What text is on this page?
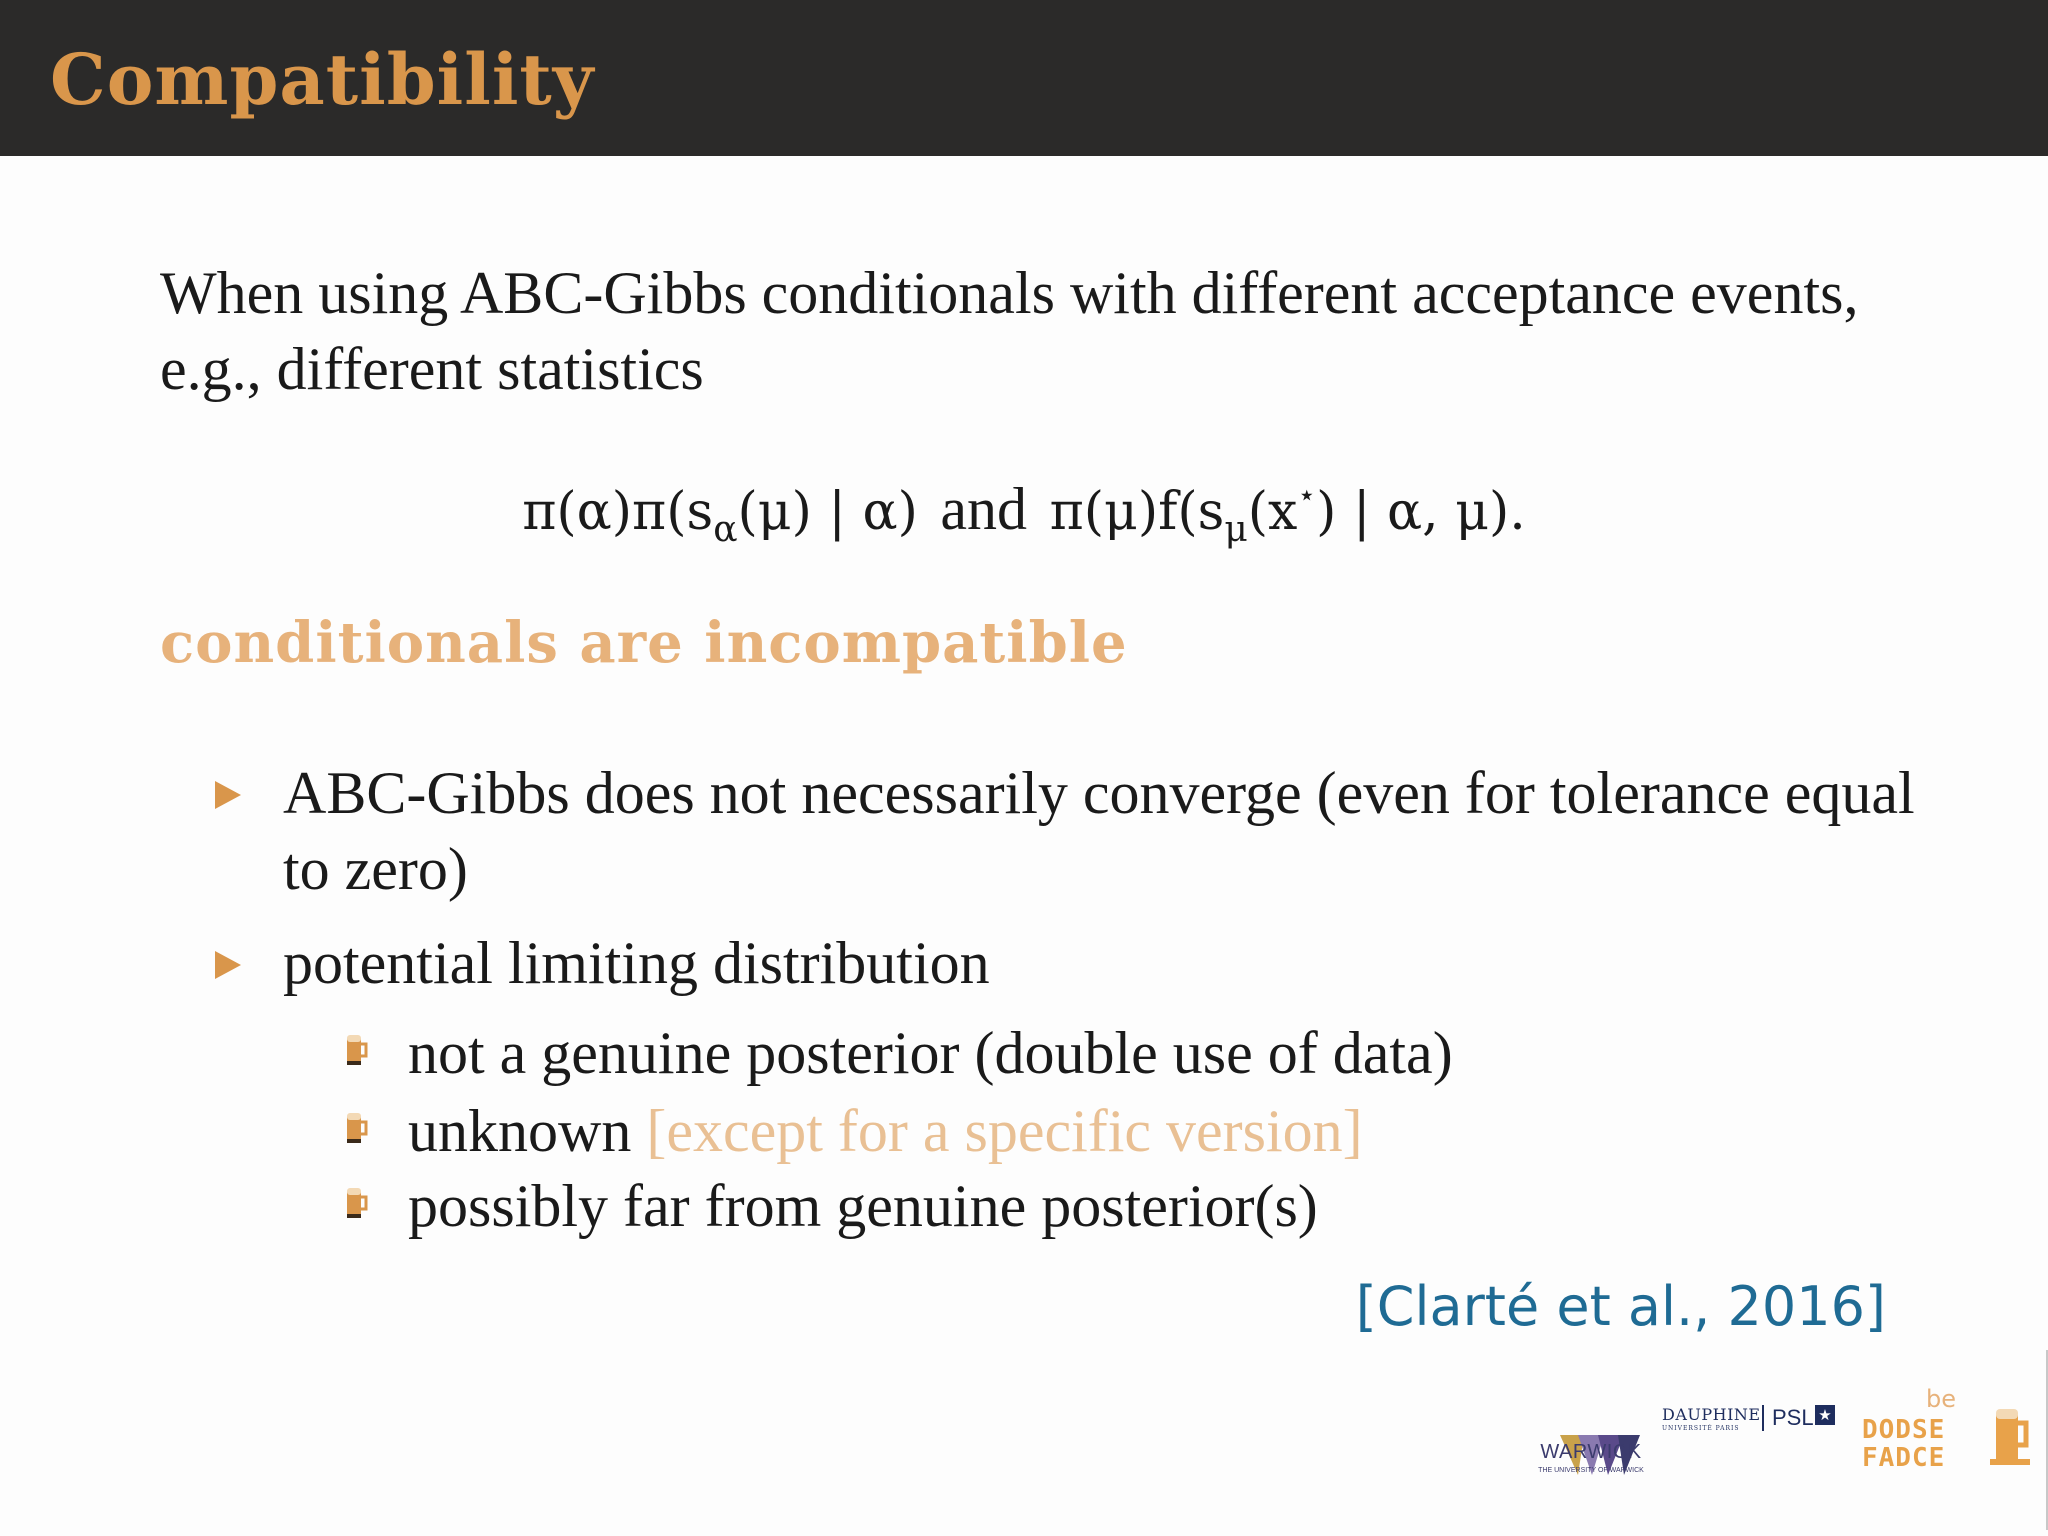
Compatibility
When using ABC-Gibbs conditionals with different acceptance events, e.g., different statistics
$\pi(\alpha)\pi(s_\alpha(\mu)$ | α) and $\pi(\mu)f(s_\mu(x^⋆)$ | α, μ).
conditionals are incompatible
ABC-Gibbs does not necessarily converge (even for tolerance equal to zero)
potential limiting distribution
not a genuine posterior (double use of data)
unknown [except for a specific version]
possibly far from genuine posterior(s)
[Clarté et al., 2016]
WARWICK
THE UNIVERSITY OF WARWICK
DAUPHINE
UNIVERSITÉ PARIS PSL ★
be
DODSE
FADCE
